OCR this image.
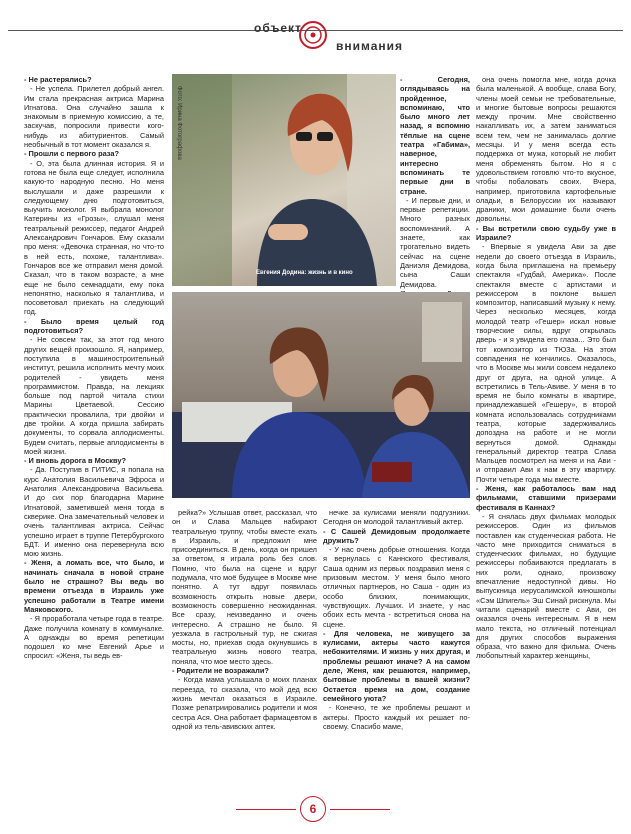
объект
внимания

- Не растерялись?

- Не успела. Прилетел добрый ангел. Им стала прекрасная актриса Марина Игнатова. Она случайно зашла к знакомым в приемную комиссию, а те, заскучав, попросили привести кого-нибудь из абитуриентов. Самый необычный в тот момент оказался я.

- Прошли с первого раза?

- О, эта была длинная история. Я и готова не была еще следует, исполнила какую-то народную песню. Но меня выслушали и даже разрешили к следующему дню подготовиться, выучить монолог. Я выбрала монолог Катерины из «Грозы», слушал меня театральный режиссер, педагог Андрей Александрович Гончаров. Ему сказали про меня: «Девочка странная, но что-то в ней есть, похоже, талантлива». Гончаров все же отправил меня домой. Сказал, что в таком возрасте, а мне еще не было семнадцати, ему пока непонятно, насколько я талантлива, и посоветовал приехать на следующий год.

- Было время целый год подготовиться?

- Не совсем так, за этот год много других вещей произошло. Я, например, поступила в машиностроительный институт, решила исполнить мечту моих родителей - увидеть меня программистом. Правда, на лекциях больше под партой читала стихи Марины Цветаевой. Сессию практически провалила, три двойки и две тройки. А когда пришла забирать документы, то сорвала аплодисменты. Будем считать, первые аплодисменты в моей жизни.

- И вновь дорога в Москву?

- Да. Поступив в ГИТИС, я попала на курс Анатолия Васильевича Эфроса и Анатолия Александровича Васильева. И до сих пор благодарна Марине Игнатовой, заметившей меня тогда в скверике. Она замечательный человек и очень талантливая актриса. Сейчас успешно играет в труппе Петербургского БДТ. И именно она перевернула всю мою жизнь.

- Женя, а ломать все, что было, и начинать сначала в новой стране было не страшно? Вы ведь во времени отъезда в Израиль уже успешно работали в Театре имени Маяковского.

- Я проработала четыре года в театре. Даже получила комнату в коммуналке. А однажды во время репетиции подошел ко мне Евгений Арье и спросил: «Женя, ты ведь ев-

Евгения Додина: жизнь и в кино
Фото: Ирина Фотографова

- Сегодня, оглядываясь на пройденное, вспоминаю, что было много лет назад, я вспомню тёплые на сцене театра «Габима», наверное, интересно вспоминать те первые дни в стране.

- И первые дни, и первые репетиции. Много разных воспоминаний. А знаете, как трогательно видеть сейчас на сцене Даниэля Демидова, сына Саши Демидова.

рейка?» Услышав ответ, рассказал, что он и Слава Мальцев набирают театральную труппу, чтобы вместе ехать в Израиль, и предложил мне присоединиться. В день, когда он пришел за ответом, я играла роль без слов. Помню, что была на сцене и вдруг подумала, что моё будущее в Москве мне понятно. А тут вдруг появилась возможность открыть новые двери, возможность совершенно неожиданная. Все сразу, неизведанно и очень интересно. А страшно не было. Я уезжала в гастрольный тур, не сжигая мосты, но, приехав сюда окунувшись в театральную жизнь нового театра, поняла, что мое место здесь.

- Родители не возражали?

- Когда мама услышала о моих планах переезда, то сказала, что мой дед всю жизнь мечтал оказаться в Израиле. Позже репатриировались родители и моя сестра Ася. Она работает фармацевтом в одной из тель-авивских аптек.

нечке за кулисами меняли подгузники. Сегодня он молодой талантливый актер.

- С Сашей Демидовым продолжаете дружить?

- У нас очень добрые отношения. Когда я вернулась с Каннского фестиваля, Саша одним из первых поздравил меня с призовым местом. У меня было много отличных партнеров, но Саша - один из особо близких, понимающих, чувствующих. Лучших. И знаете, у нас обоих есть мечта - встретиться снова на сцене.

- Для человека, не живущего за кулисами, актеры часто кажутся небожителями. И жизнь у них другая, и проблемы решают иначе? А на самом деле, Женя, как решаются, например, бытовые проблемы в вашей жизни? Остается время на дом, создание семейного уюта?

- Конечно, те же проблемы решают и актеры. Просто каждый их решает по-своему. Спасибо маме,

она очень помогла мне, когда дочка была маленькой. А вообще, слава Богу, члены моей семьи не требовательные, и многие бытовые вопросы решаются между прочим. Мне свойственно накапливать их, а затем заниматься всем тем, чем не занималась долгие месяцы. И у меня всегда есть поддержка от мужа, который не любит меня обременять бытом. Но я с удовольствием готовлю что-то вкусное, чтобы побаловать своих. Вчера, например, приготовила картофельные оладьи, в Белоруссии их называют драники, мои домашние были очень довольны.

- Вы встретили свою судьбу уже в Израиле?

- Впервые я увидела Ави за две недели до своего отъезда в Израиль, когда была приглашена на премьеру спектакля «Гудбай, Америка». После спектакля вместе с артистами и режиссером в поклоне вышел композитор, написавший музыку к нему. Через несколько месяцев, когда молодой театр «Гешер» искал новые творческие силы, вдруг открылась дверь - и я увидела его глаза... Это был тот композитор из ТЮЗа. На этом совпадения не кончились. Оказалось, что в Москве мы жили совсем недалеко друг от друга, на одной улице. А встретились в Тель-Авиве. У меня в то время не было комнаты в квартире, принадлежавшей «Гешеру», в второй комната использовалась сотрудниками театра, которые задерживались допоздна на работе и не могли вернуться домой. Однажды генеральный директор театра Слава Мальцев посмотрел на меня и на Ави - и отправил Ави к нам в эту квартиру. Почти четыре года мы вместе.

- Женя, как работалось вам над фильмами, ставшими призерами фестиваля в Каннах?

- Я снялась двух фильмах молодых режиссеров. Один из фильмов поставлен как студенческая работа. Не часто мне приходится сниматься в студенческих фильмах, но будущие режиссеры побаиваются предлагать в них роли, однако, произвожу впечатление недоступной дивы. Но выпускница иерусалимской киношколы «Сэм Шпигель» Эш Синай рискнула. Мы читали сценарий вместе с Ави, он оказался очень интересным. Я в нем мало текста, но отличный потенциал для других способов выражения образа, что важно для фильма. Очень любопытный характер женщины,

6
